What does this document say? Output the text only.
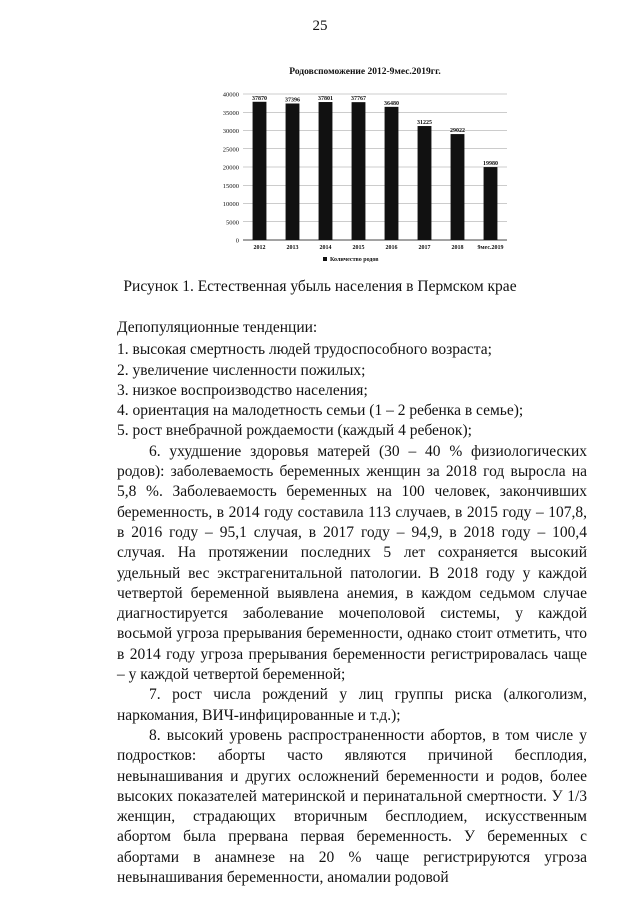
25
Родовспоможение 2012-9мес.2019гг.
0
5000
10000
15000
20000
25000
30000
35000
40000
37870
2012
37396
2013
37801
2014
37767
2015
36480
2016
31225
2017
29022
2018
19980
9мес.2019
Количество родов
Рисунок 1. Естественная убыль населения в Пермском крае

Депопуляционные тенденции:

1. высокая смертность людей трудоспособного возраста;

2. увеличение численности пожилых;

3. низкое воспроизводство населения;

4. ориентация на малодетность семьи (1 – 2 ребенка в семье);

5. рост внебрачной рождаемости (каждый 4 ребенок);

6. ухудшение здоровья матерей (30 – 40 % физиологических родов): заболеваемость беременных женщин за 2018 год выросла на 5,8 %. Заболеваемость беременных на 100 человек, закончивших беременность, в 2014 году составила 113 случаев, в 2015 году – 107,8, в 2016 году – 95,1 случая, в 2017 году – 94,9, в 2018 году – 100,4 случая. На протяжении последних 5 лет сохраняется высокий удельный вес экстрагенитальной патологии. В 2018 году у каждой четвертой беременной выявлена анемия, в каждом седьмом случае диагностируется заболевание мочеполовой системы, у каждой восьмой угроза прерывания беременности, однако стоит отметить, что в 2014 году угроза прерывания беременности регистрировалась чаще – у каждой четвертой беременной;

7. рост числа рождений у лиц группы риска (алкоголизм, наркомания, ВИЧ-инфицированные и т.д.);

8. высокий уровень распространенности абортов, в том числе у подростков: аборты часто являются причиной бесплодия, невынашивания и других осложнений беременности и родов, более высоких показателей материнской и перинатальной смертности. У 1/3 женщин, страдающих вторичным бесплодием, искусственным абортом была прервана первая беременность. У беременных с абортами в анамнезе на 20 % чаще регистрируются угроза невынашивания беременности, аномалии родовой
